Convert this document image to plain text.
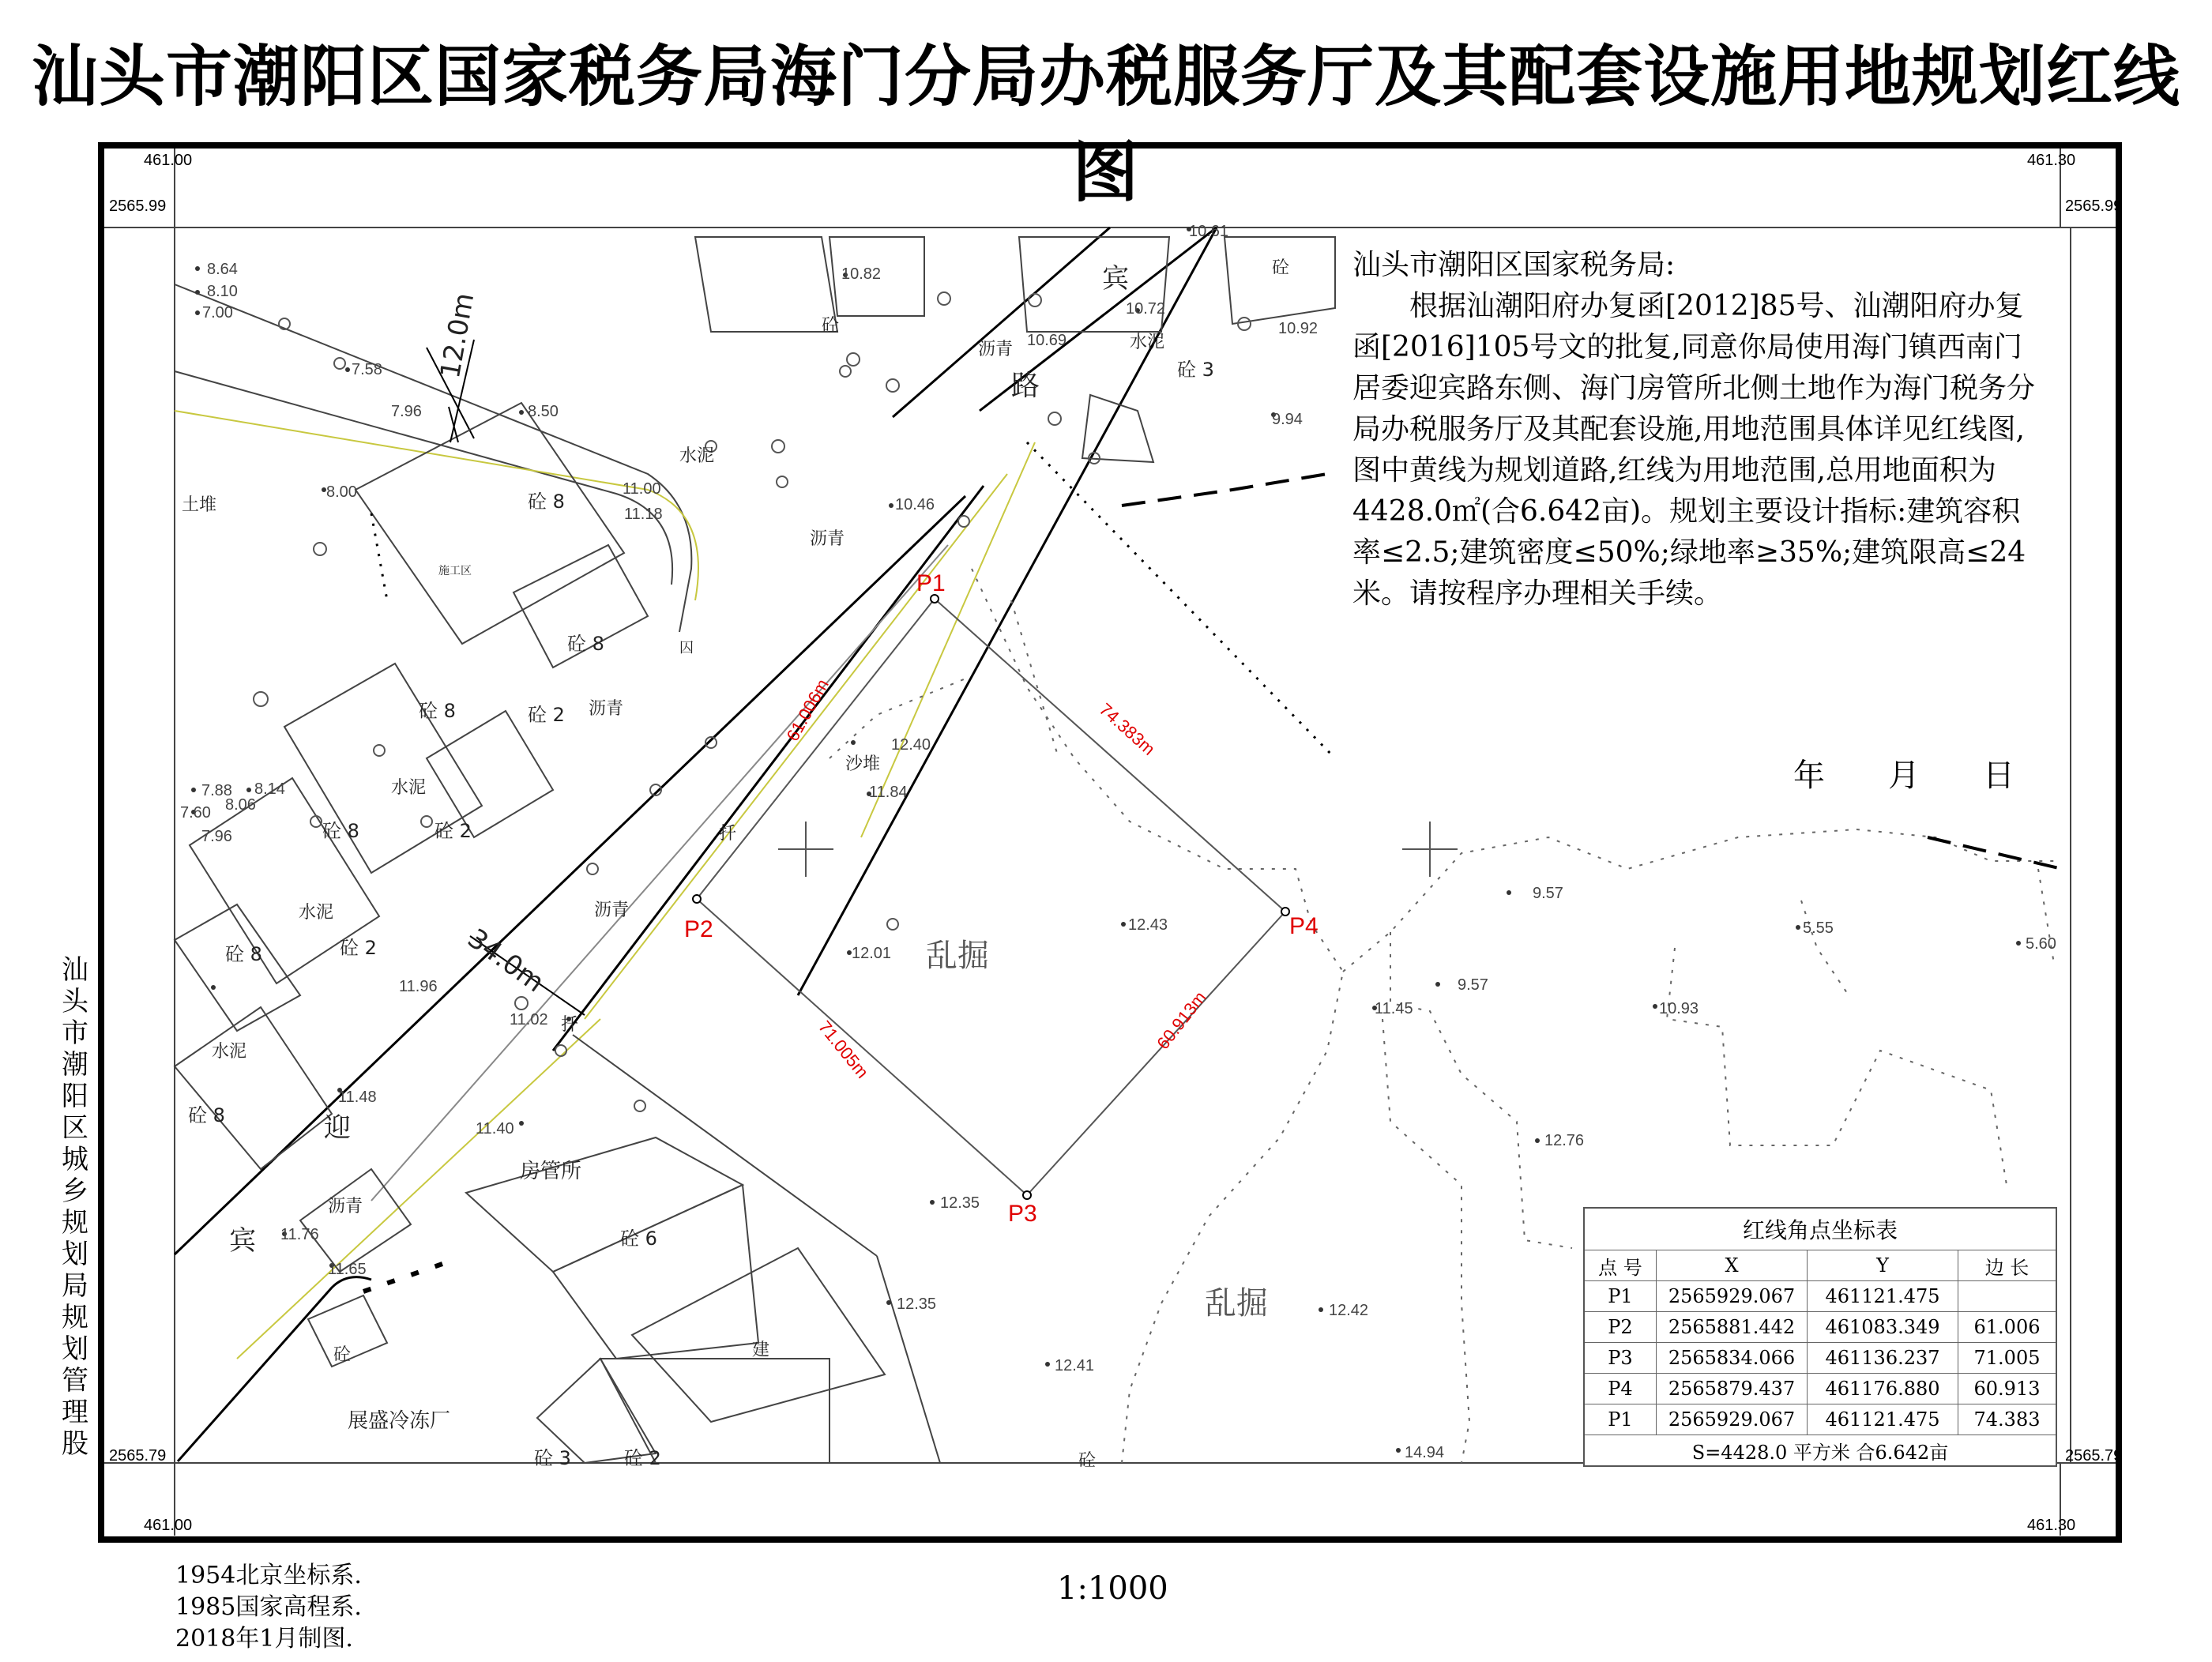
汕头市潮阳区国家税务局海门分局办税服务厅及其配套设施用地规划红线图
汕头市潮阳区城乡规划局规划管理股
61.006m
71.005m	60.913m
74.383m
P1
P2
P3
P4
迎
宾
路
宾
沥青
沥青
沥青
沥青
沥青
砼 8
砼 8
砼 8
砼 8
砼 8
砼 2
砼 2
砼 2
砼 8
砼 3
砼 6
砼 3	砼 2
砼
砼
砼
砼
水泥
水泥
水泥
水泥
水泥
乱掘
乱掘
土堆
施工区
沙堆
房管所
建
展盛冷冻厂
囚
扦
扦
12.0m
34.0m
8.64
8.10
7.00
7.58
7.96	8.50
8.00	11.00
11.18
10.82
10.61
10.72
10.69
10.92
9.94
10.46
12.40
11.84
7.88 8.14
8.06
7.60
7.96
11.96
11.02
11.48
11.40
11.76
11.65
12.01
12.43
12.35
12.35
12.41
12.42
14.94
9.57
9.57
11.45	10.93
5.55
5.60
12.76

汕头市潮阳区国家税务局:

根据汕潮阳府办复函[2012]85号、汕潮阳府办复函[2016]105号文的批复,同意你局使用海门镇西南门居委迎宾路东侧、海门房管所北侧土地作为海门税务分局办税服务厅及其配套设施,用地范围具体详见红线图,图中黄线为规划道路,红线为用地范围,总用地面积为4428.0㎡(合6.642亩)。规划主要设计指标:建筑容积率≤2.5;建筑密度≤50%;绿地率≥35%;建筑限高≤24米。请按程序办理相关手续。

年 月 日
461.00	461.30
461.00	461.30
2565.99	2565.99
2565.79	2565.79
红线角点坐标表			
点 号	X	Y	边 长
P1	2565929.067	461121.475	
P2	2565881.442	461083.349	61.006
P3	2565834.066	461136.237	71.005
P4	2565879.437	461176.880	60.913
P1	2565929.067	461121.475	74.383
S=4428.0 平方米 合6.642亩			
1954北京坐标系.
1985国家高程系.
2018年1月制图.
1:1000
